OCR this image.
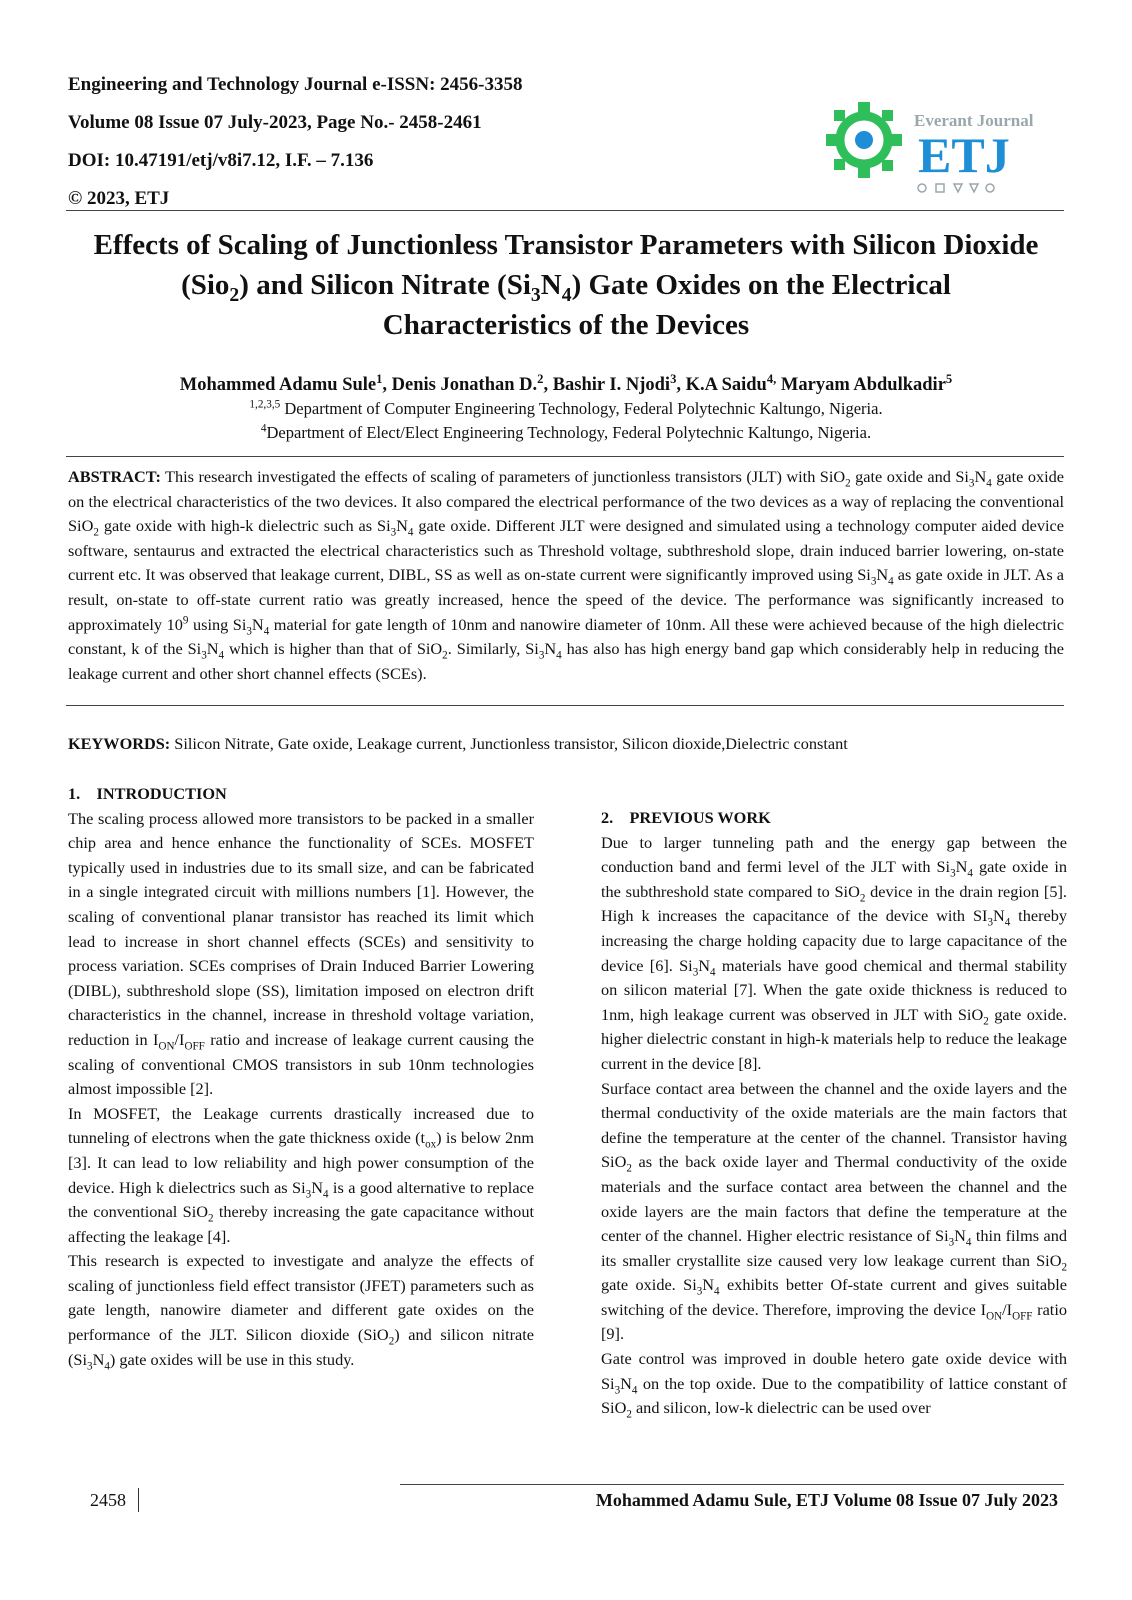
Engineering and Technology Journal e-ISSN: 2456-3358
Volume 08 Issue 07 July-2023, Page No.- 2458-2461
DOI: 10.47191/etj/v8i7.12, I.F. – 7.136
© 2023, ETJ
Everant Journal
ETJ
Effects of Scaling of Junctionless Transistor Parameters with Silicon Dioxide
(Sio$_2$) and Silicon Nitrate $(Si_3N_4)$ Gate Oxides on the Electrical
Characteristics of the Devices
Mohammed Adamu Sule$^1$, Denis Jonathan D.$^2$, Bashir I. Njodi$^3$, K.A Saidu$^{4,}$ Maryam Abdulkadir$^5$
$^{1,2,3,5}$ Department of Computer Engineering Technology, Federal Polytechnic Kaltungo, Nigeria.
$^4$Department of Elect/Elect Engineering Technology, Federal Polytechnic Kaltungo, Nigeria.
ABSTRACT: This research investigated the effects of scaling of parameters of junctionless transistors (JLT) with SiO$_2$ gate oxide and $Si_3N_4$ gate oxide on the electrical characteristics of the two devices. It also compared the electrical performance of the two devices as a way of replacing the conventional SiO$_2$ gate oxide with high-k dielectric such as $Si_3N_4$ gate oxide. Different JLT were designed and simulated using a technology computer aided device software, sentaurus and extracted the electrical characteristics such as Threshold voltage, subthreshold slope, drain induced barrier lowering, on-state current etc. It was observed that leakage current, DIBL, SS as well as on-state current were significantly improved using $Si_3N_4$ as gate oxide in JLT. As a result, on-state to off-state current ratio was greatly increased, hence the speed of the device. The performance was significantly increased to approximately $10^9$ using $Si_3N_4$ material for gate length of 10nm and nanowire diameter of 10nm. All these were achieved because of the high dielectric constant, k of the $Si_3N_4$ which is higher than that of SiO$_2$. Similarly, $Si_3N_4$ has also has high energy band gap which considerably help in reducing the leakage current and other short channel effects (SCEs).
KEYWORDS: Silicon Nitrate, Gate oxide, Leakage current, Junctionless transistor, Silicon dioxide,Dielectric constant
1. INTRODUCTION

The scaling process allowed more transistors to be packed in a smaller chip area and hence enhance the functionality of SCEs. MOSFET typically used in industries due to its small size, and can be fabricated in a single integrated circuit with millions numbers [1]. However, the scaling of conventional planar transistor has reached its limit which lead to increase in short channel effects (SCEs) and sensitivity to process variation. SCEs comprises of Drain Induced Barrier Lowering (DIBL), subthreshold slope (SS), limitation imposed on electron drift characteristics in the channel, increase in threshold voltage variation, reduction in $I_{ON}/I_{OFF}$ ratio and increase of leakage current causing the scaling of conventional CMOS transistors in sub 10nm technologies almost impossible [2].

In MOSFET, the Leakage currents drastically increased due to tunneling of electrons when the gate thickness oxide $(t_{ox})$ is below 2nm [3]. It can lead to low reliability and high power consumption of the device. High k dielectrics such as $Si_3N_4$ is a good alternative to replace the conventional SiO$_2$ thereby increasing the gate capacitance without affecting the leakage [4].

This research is expected to investigate and analyze the effects of scaling of junctionless field effect transistor (JFET) parameters such as gate length, nanowire diameter and different gate oxides on the performance of the JLT. Silicon dioxide (SiO$_2$) and silicon nitrate $(Si_3N_4)$ gate oxides will be use in this study.

2. PREVIOUS WORK

Due to larger tunneling path and the energy gap between the conduction band and fermi level of the JLT with $Si_3N_4$ gate oxide in the subthreshold state compared to SiO$_2$ device in the drain region [5]. High k increases the capacitance of the device with $SI_3N_4$ thereby increasing the charge holding capacity due to large capacitance of the device [6]. $Si_3N_4$ materials have good chemical and thermal stability on silicon material [7]. When the gate oxide thickness is reduced to 1nm, high leakage current was observed in JLT with SiO$_2$ gate oxide. higher dielectric constant in high-k materials help to reduce the leakage current in the device [8].

Surface contact area between the channel and the oxide layers and the thermal conductivity of the oxide materials are the main factors that define the temperature at the center of the channel. Transistor having SiO$_2$ as the back oxide layer and Thermal conductivity of the oxide materials and the surface contact area between the channel and the oxide layers are the main factors that define the temperature at the center of the channel. Higher electric resistance of $Si_3N_4$ thin films and its smaller crystallite size caused very low leakage current than SiO$_2$ gate oxide. $Si_3N_4$ exhibits better Of-state current and gives suitable switching of the device. Therefore, improving the device $I_{ON}/I_{OFF}$ ratio [9].

Gate control was improved in double hetero gate oxide device with $Si_3N_4$ on the top oxide. Due to the compatibility of lattice constant of SiO$_2$ and silicon, low-k dielectric can be used over

2458	Mohammed Adamu Sule, ETJ Volume 08 Issue 07 July 2023
